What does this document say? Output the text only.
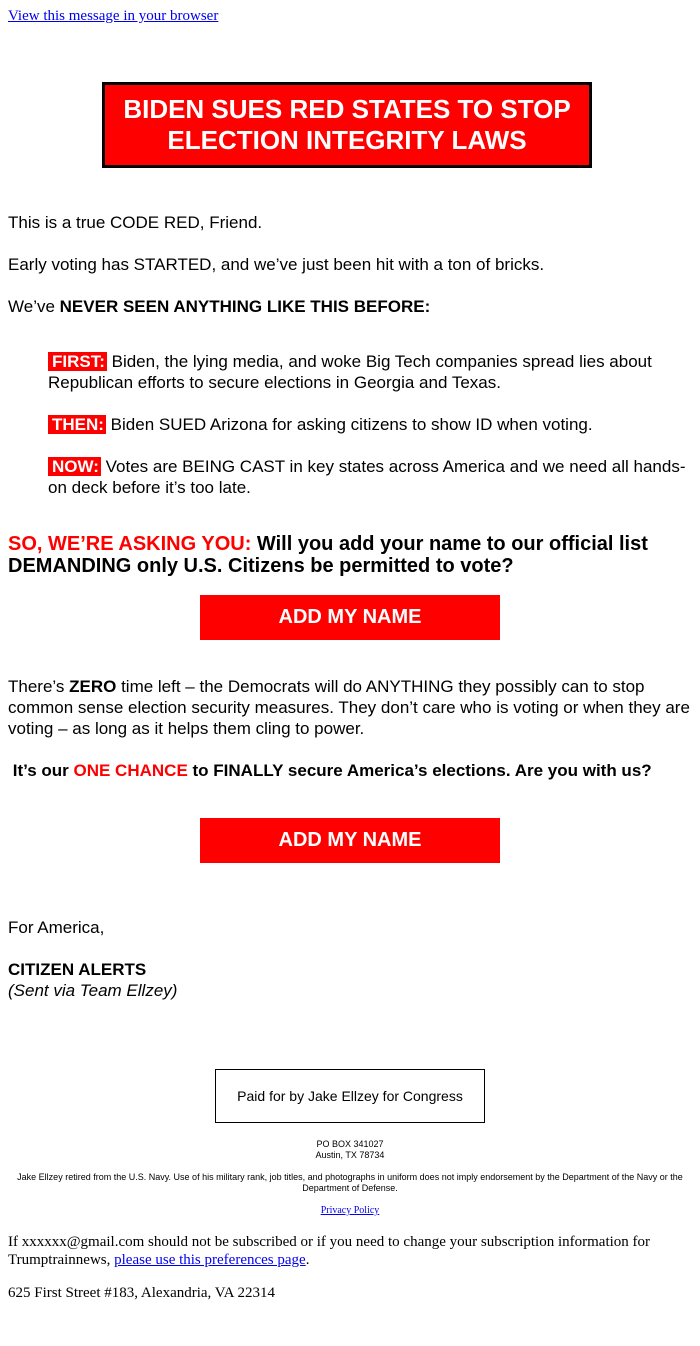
View this message in your browser
BIDEN SUES RED STATES TO STOP
ELECTION INTEGRITY LAWS

This is a true CODE RED, Friend.

Early voting has STARTED, and we’ve just been hit with a ton of bricks.

We’ve NEVER SEEN ANYTHING LIKE THIS BEFORE:

FIRST: Biden, the lying media, and woke Big Tech companies spread lies about Republican efforts to secure elections in Georgia and Texas.

THEN: Biden SUED Arizona for asking citizens to show ID when voting.

NOW: Votes are BEING CAST in key states across America and we need all hands-on deck before it’s too late.

SO, WE’RE ASKING YOU: Will you add your name to our official list DEMANDING only U.S. Citizens be permitted to vote?

ADD MY NAME

There’s ZERO time left – the Democrats will do ANYTHING they possibly can to stop common sense election security measures. They don’t care who is voting or when they are voting – as long as it helps them cling to power.

It’s our ONE CHANCE to FINALLY secure America’s elections. Are you with us?

ADD MY NAME

For America,

CITIZEN ALERTS

(Sent via Team Ellzey)

Paid for by Jake Ellzey for Congress
PO BOX 341027
Austin, TX 78734
Jake Ellzey retired from the U.S. Navy. Use of his military rank, job titles, and photographs in uniform does not imply endorsement by the Department of the Navy or the Department of Defense.
Privacy Policy
If xxxxxx@gmail.com should not be subscribed or if you need to change your subscription information for Trumptrainnews, please use this preferences page.
625 First Street #183, Alexandria, VA 22314
